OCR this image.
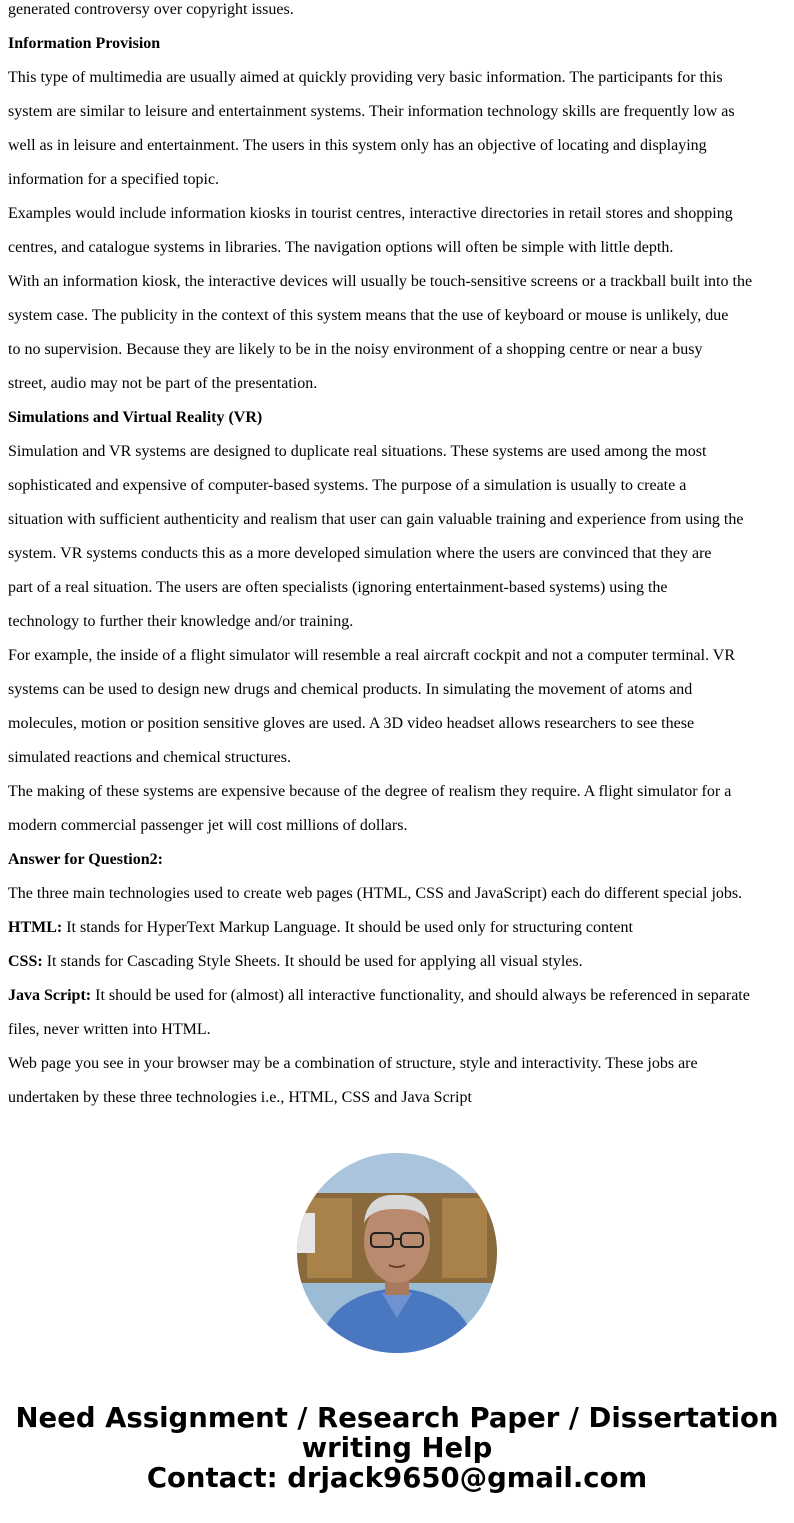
generated controversy over copyright issues.

Information Provision

This type of multimedia are usually aimed at quickly providing very basic information. The participants for this

system are similar to leisure and entertainment systems. Their information technology skills are frequently low as

well as in leisure and entertainment. The users in this system only has an objective of locating and displaying

information for a specified topic.

Examples would include information kiosks in tourist centres, interactive directories in retail stores and shopping

centres, and catalogue systems in libraries. The navigation options will often be simple with little depth.

With an information kiosk, the interactive devices will usually be touch-sensitive screens or a trackball built into the

system case. The publicity in the context of this system means that the use of keyboard or mouse is unlikely, due

to no supervision. Because they are likely to be in the noisy environment of a shopping centre or near a busy

street, audio may not be part of the presentation.

Simulations and Virtual Reality (VR)

Simulation and VR systems are designed to duplicate real situations. These systems are used among the most

sophisticated and expensive of computer-based systems. The purpose of a simulation is usually to create a

situation with sufficient authenticity and realism that user can gain valuable training and experience from using the

system. VR systems conducts this as a more developed simulation where the users are convinced that they are

part of a real situation. The users are often specialists (ignoring entertainment-based systems) using the

technology to further their knowledge and/or training.

For example, the inside of a flight simulator will resemble a real aircraft cockpit and not a computer terminal. VR

systems can be used to design new drugs and chemical products. In simulating the movement of atoms and

molecules, motion or position sensitive gloves are used. A 3D video headset allows researchers to see these

simulated reactions and chemical structures.

The making of these systems are expensive because of the degree of realism they require. A flight simulator for a

modern commercial passenger jet will cost millions of dollars.

Answer for Question2:

The three main technologies used to create web pages (HTML, CSS and JavaScript) each do different special jobs.

HTML: It stands for HyperText Markup Language. It should be used only for structuring content

CSS: It stands for Cascading Style Sheets. It should be used for applying all visual styles.

Java Script: It should be used for (almost) all interactive functionality, and should always be referenced in separate

files, never written into HTML.

Web page you see in your browser may be a combination of structure, style and interactivity. These jobs are

undertaken by these three technologies i.e., HTML, CSS and Java Script

Need Assignment / Research Paper / Dissertation
writing Help
Contact: drjack9650@gmail.com
